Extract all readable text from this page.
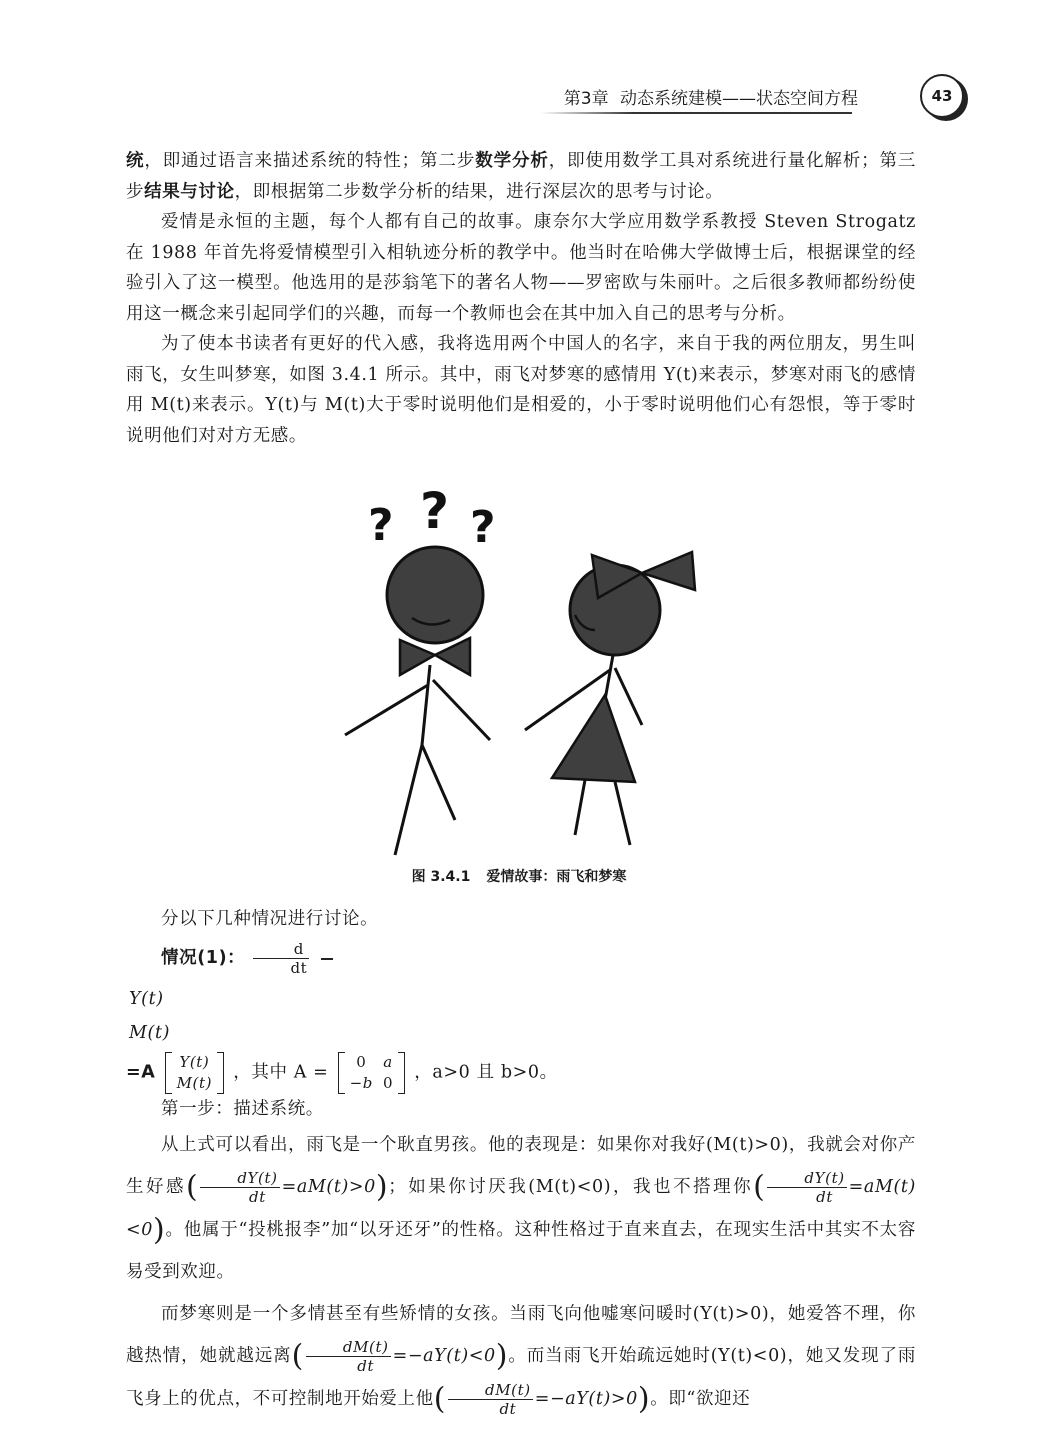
第3章 动态系统建模——状态空间方程	43

统，即通过语言来描述系统的特性；第二步数学分析，即使用数学工具对系统进行量化解析；第三步结果与讨论，即根据第二步数学分析的结果，进行深层次的思考与讨论。

爱情是永恒的主题，每个人都有自己的故事。康奈尔大学应用数学系教授 Steven Strogatz 在 1988 年首先将爱情模型引入相轨迹分析的教学中。他当时在哈佛大学做博士后，根据课堂的经验引入了这一模型。他选用的是莎翁笔下的著名人物——罗密欧与朱丽叶。之后很多教师都纷纷使用这一概念来引起同学们的兴趣，而每一个教师也会在其中加入自己的思考与分析。

为了使本书读者有更好的代入感，我将选用两个中国人的名字，来自于我的两位朋友，男生叫雨飞，女生叫梦寒，如图 3.4.1 所示。其中，雨飞对梦寒的感情用 Y(t)来表示，梦寒对雨飞的感情用 M(t)来表示。Y(t)与 M(t)大于零时说明他们是相爱的，小于零时说明他们心有怨恨，等于零时说明他们对对方无感。

? ? ?
图 3.4.1 爱情故事：雨飞和梦寒

分以下几种情况进行讨论。

情况(1)： $\frac{d}{dt}$

Y(t)
M(t)
=A
Y(t)
M(t)
，其中 A =
0	a
−b	0
，a>0 且 b>0。

第一步：描述系统。

从上式可以看出，雨飞是一个耿直男孩。他的表现是：如果你对我好(M(t)>0)，我就会对你产生好感( $\frac{dY(t)}{dt} =aM(t)>0$)；如果你讨厌我(M(t)<0)，我也不搭理你( $\frac{dY(t)}{dt} =aM(t)<0$)。他属于“投桃报李”加“以牙还牙”的性格。这种性格过于直来直去，在现实生活中其实不太容易受到欢迎。

而梦寒则是一个多情甚至有些矫情的女孩。当雨飞向他嘘寒问暖时(Y(t)>0)，她爱答不理，你越热情，她就越远离( $\frac{dM(t)}{dt} =-aY(t)<0$)。而当雨飞开始疏远她时(Y(t)<0)，她又发现了雨飞身上的优点，不可控制地开始爱上他( $\frac{dM(t)}{dt} =-aY(t)>0$)。即“欲迎还
